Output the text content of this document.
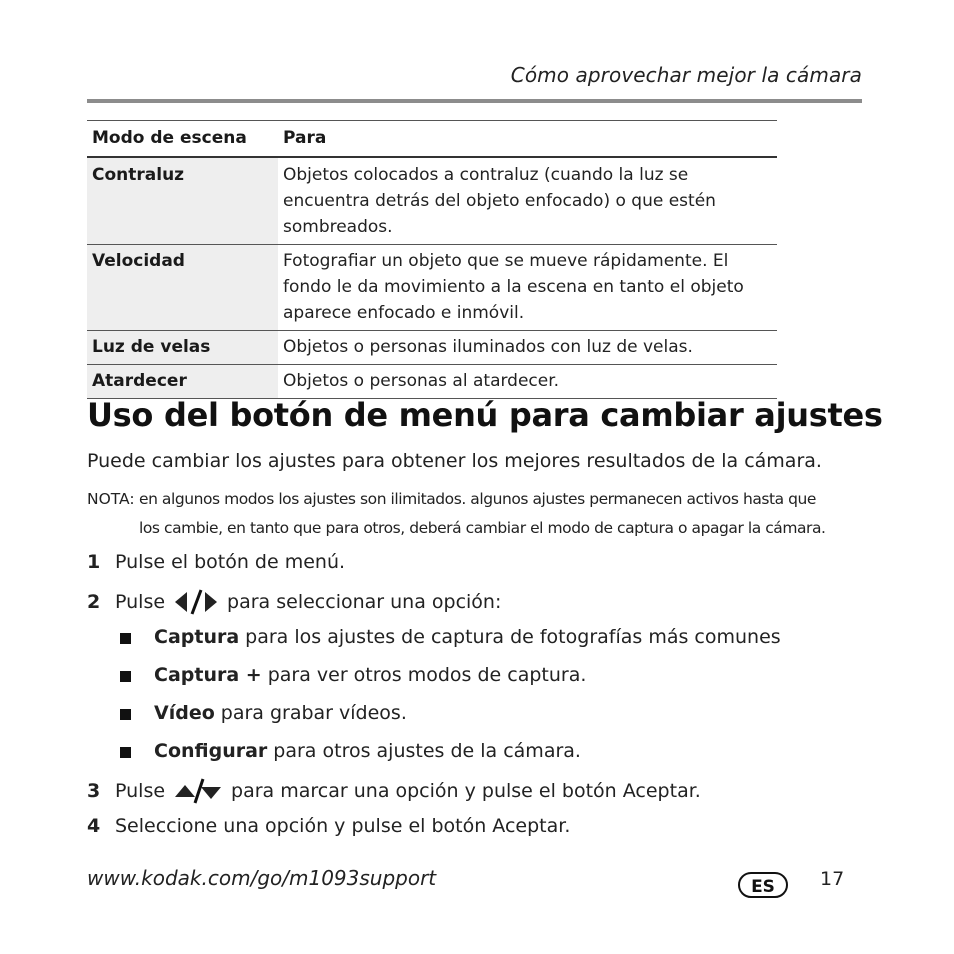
Cómo aprovechar mejor la cámara
Modo de escena	Para
Contraluz	Objetos colocados a contraluz (cuando la luz se encuentra detrás del objeto enfocado) o que estén sombreados.
Velocidad	Fotografiar un objeto que se mueve rápidamente. El fondo le da movimiento a la escena en tanto el objeto aparece enfocado e inmóvil.
Luz de velas	Objetos o personas iluminados con luz de velas.
Atardecer	Objetos o personas al atardecer.
Uso del botón de menú para cambiar ajustes
Puede cambiar los ajustes para obtener los mejores resultados de la cámara.
NOTA: en algunos modos los ajustes son ilimitados. algunos ajustes permanecen activos hasta que los cambie, en tanto que para otros, deberá cambiar el modo de captura o apagar la cámara.
1 Pulse el botón de menú.
2 Pulse	para seleccionar una opción:
Captura para los ajustes de captura de fotografías más comunes
Captura + para ver otros modos de captura.
Vídeo para grabar vídeos.
Configurar para otros ajustes de la cámara.
3 Pulse	para marcar una opción y pulse el botón Aceptar.
4 Seleccione una opción y pulse el botón Aceptar.
www.kodak.com/go/m1093support	ES	17
